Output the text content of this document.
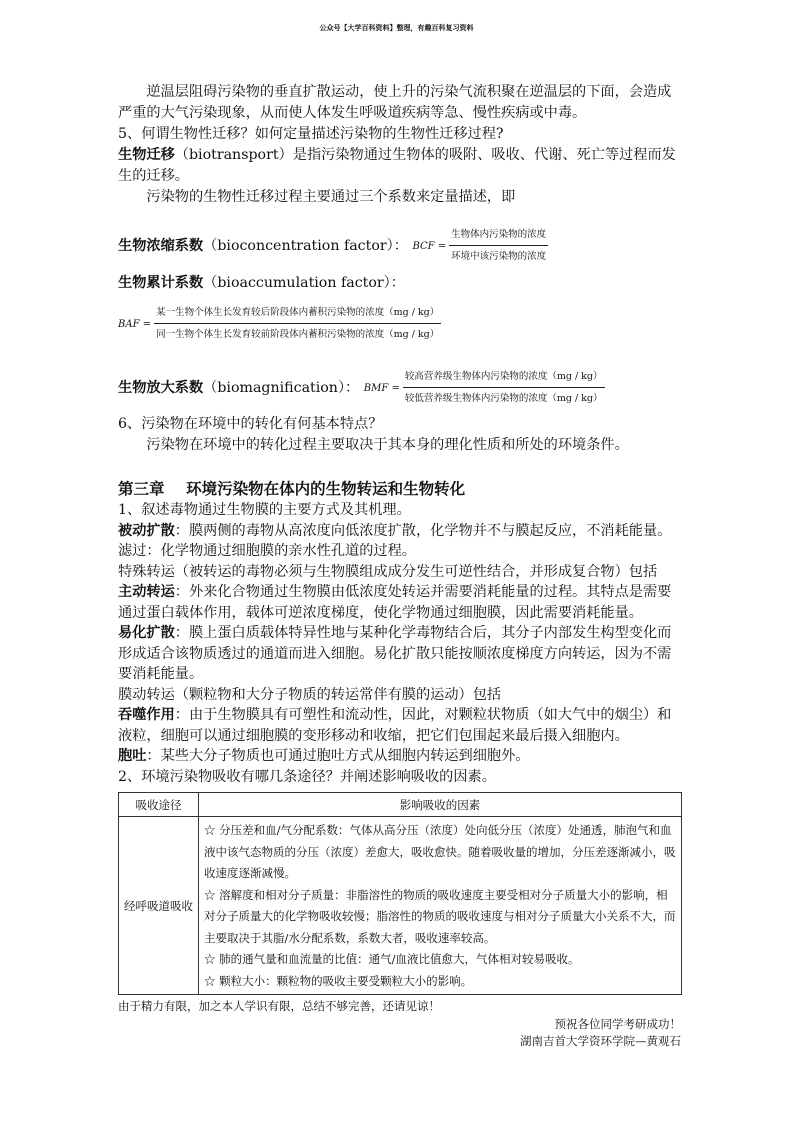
公众号【大学百科资料】整理，有趣百科复习资料

逆温层阻碍污染物的垂直扩散运动，使上升的污染气流积聚在逆温层的下面，会造成严重的大气污染现象，从而使人体发生呼吸道疾病等急、慢性疾病或中毒。

5、何谓生物性迁移？如何定量描述污染物的生物性迁移过程?

生物迁移（biotransport）是指污染物通过生物体的吸附、吸收、代谢、死亡等过程而发生的迁移。

污染物的生物性迁移过程主要通过三个系数来定量描述，即

生物浓缩系数（bioconcentration factor）： BCF = $\frac{\text{生物体内污染物的浓度}}{\text{环境中该污染物的浓度}}$
生物累计系数（bioaccumulation factor）：
BAF = $\frac{\text{某一生物个体生长发育较后阶段体内蓄积污染物的浓度（mg / kg）}}{\text{同一生物个体生长发育较前阶段体内蓄积污染物的浓度（mg / kg）}}$
生物放大系数（biomagnification）： BMF = $\frac{\text{较高营养级生物体内污染物的浓度（mg / kg）}}{\text{较低营养级生物体内污染物的浓度（mg / kg）}}$

6、污染物在环境中的转化有何基本特点？

污染物在环境中的转化过程主要取决于其本身的理化性质和所处的环境条件。

第三章    环境污染物在体内的生物转运和生物转化

1、叙述毒物通过生物膜的主要方式及其机理。

被动扩散：膜两侧的毒物从高浓度向低浓度扩散，化学物并不与膜起反应，不消耗能量。

滤过：化学物通过细胞膜的亲水性孔道的过程。

特殊转运（被转运的毒物必须与生物膜组成成分发生可逆性结合，并形成复合物）包括

主动转运：外来化合物通过生物膜由低浓度处转运并需要消耗能量的过程。其特点是需要通过蛋白载体作用，载体可逆浓度梯度，使化学物通过细胞膜，因此需要消耗能量。

易化扩散：膜上蛋白质载体特异性地与某种化学毒物结合后，其分子内部发生构型变化而形成适合该物质透过的通道而进入细胞。易化扩散只能按顺浓度梯度方向转运，因为不需要消耗能量。

膜动转运（颗粒物和大分子物质的转运常伴有膜的运动）包括

吞噬作用：由于生物膜具有可塑性和流动性，因此，对颗粒状物质（如大气中的烟尘）和液粒，细胞可以通过细胞膜的变形移动和收缩，把它们包围起来最后摄入细胞内。

胞吐：某些大分子物质也可通过胞吐方式从细胞内转运到细胞外。

2、环境污染物吸收有哪几条途径？并阐述影响吸收的因素。

吸收途径	影响吸收的因素
经呼吸道吸收	☆ 分压差和血/气分配系数：气体从高分压（浓度）处向低分压（浓度）处通透，肺泡气和血液中该气态物质的分压（浓度）差愈大，吸收愈快。随着吸收量的增加，分压差逐渐减小，吸收速度逐渐减慢。
☆ 溶解度和相对分子质量：非脂溶性的物质的吸收速度主要受相对分子质量大小的影响，相对分子质量大的化学物吸收较慢；脂溶性的物质的吸收速度与相对分子质量大小关系不大，而主要取决于其脂/水分配系数，系数大者，吸收速率较高。
☆ 肺的通气量和血流量的比值：通气/血液比值愈大，气体相对较易吸收。
☆ 颗粒大小：颗粒物的吸收主要受颗粒大小的影响。
由于精力有限，加之本人学识有限，总结不够完善，还请见谅！
预祝各位同学考研成功！
湖南吉首大学资环学院—黄观石
